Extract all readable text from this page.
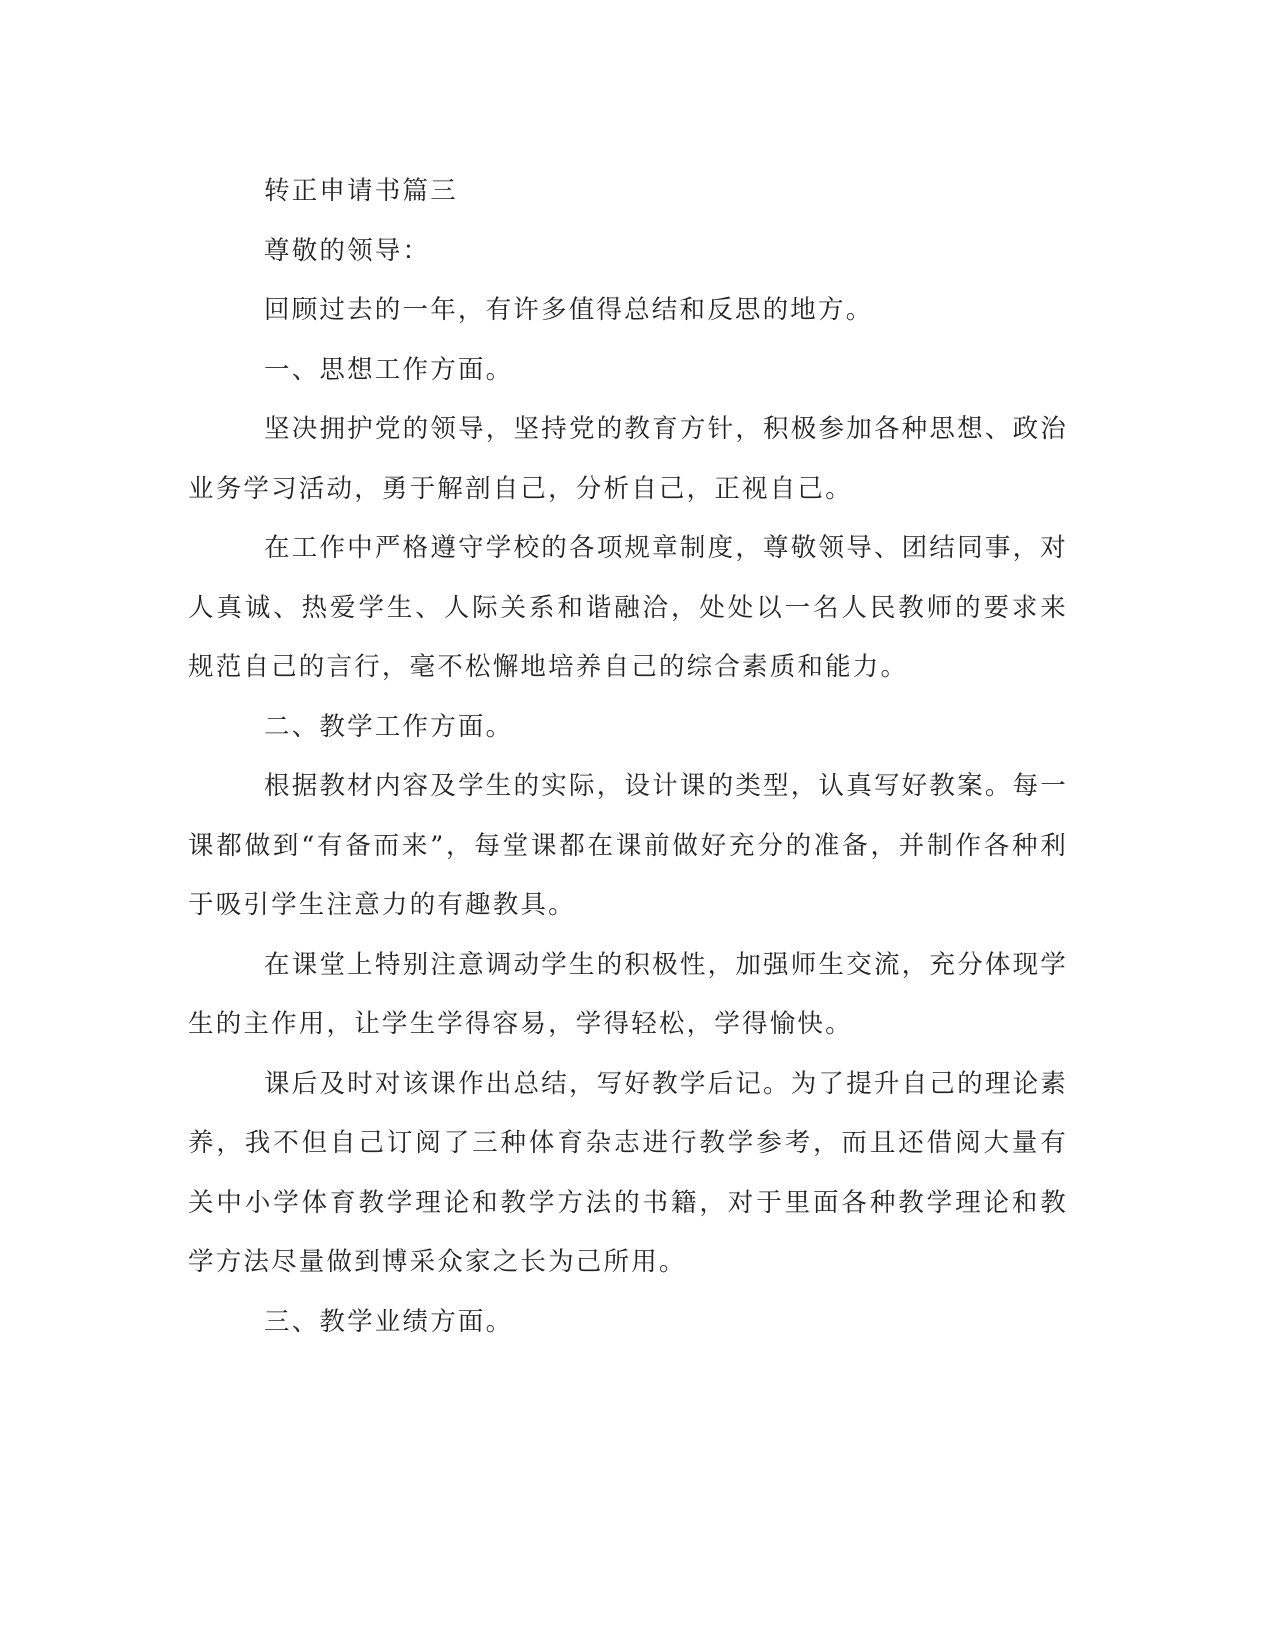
转正申请书篇三

尊敬的领导：

回顾过去的一年，有许多值得总结和反思的地方。

一、思想工作方面。

坚决拥护党的领导，坚持党的教育方针，积极参加各种思想、政治业务学习活动，勇于解剖自己，分析自己，正视自己。

在工作中严格遵守学校的各项规章制度，尊敬领导、团结同事，对人真诚、热爱学生、人际关系和谐融洽，处处以一名人民教师的要求来规范自己的言行，毫不松懈地培养自己的综合素质和能力。

二、教学工作方面。

根据教材内容及学生的实际，设计课的类型，认真写好教案。每一课都做到“有备而来”，每堂课都在课前做好充分的准备，并制作各种利于吸引学生注意力的有趣教具。

在课堂上特别注意调动学生的积极性，加强师生交流，充分体现学生的主作用，让学生学得容易，学得轻松，学得愉快。

课后及时对该课作出总结，写好教学后记。为了提升自己的理论素养，我不但自己订阅了三种体育杂志进行教学参考，而且还借阅大量有关中小学体育教学理论和教学方法的书籍，对于里面各种教学理论和教学方法尽量做到博采众家之长为己所用。

三、教学业绩方面。
